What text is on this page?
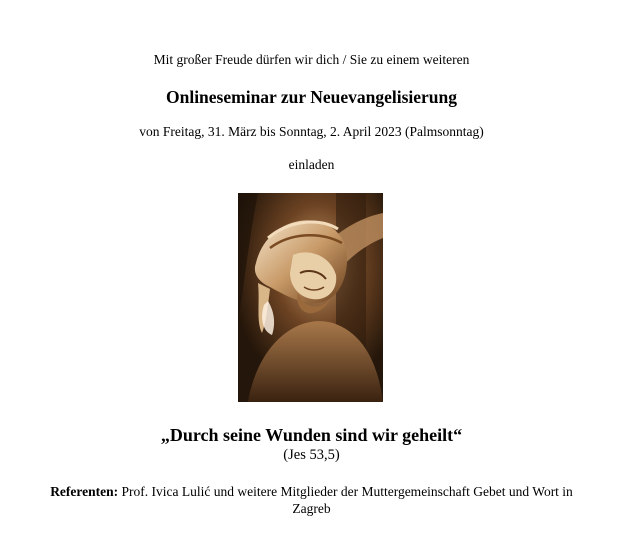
Mit großer Freude dürfen wir dich / Sie zu einem weiteren
Onlineseminar zur Neuevangelisierung
von Freitag, 31. März bis Sonntag, 2. April 2023 (Palmsonntag)
einladen
„Durch seine Wunden sind wir geheilt“
(Jes 53,5)
Referenten: Prof. Ivica Lulić und weitere Mitglieder der Muttergemeinschaft Gebet und Wort in Zagreb
